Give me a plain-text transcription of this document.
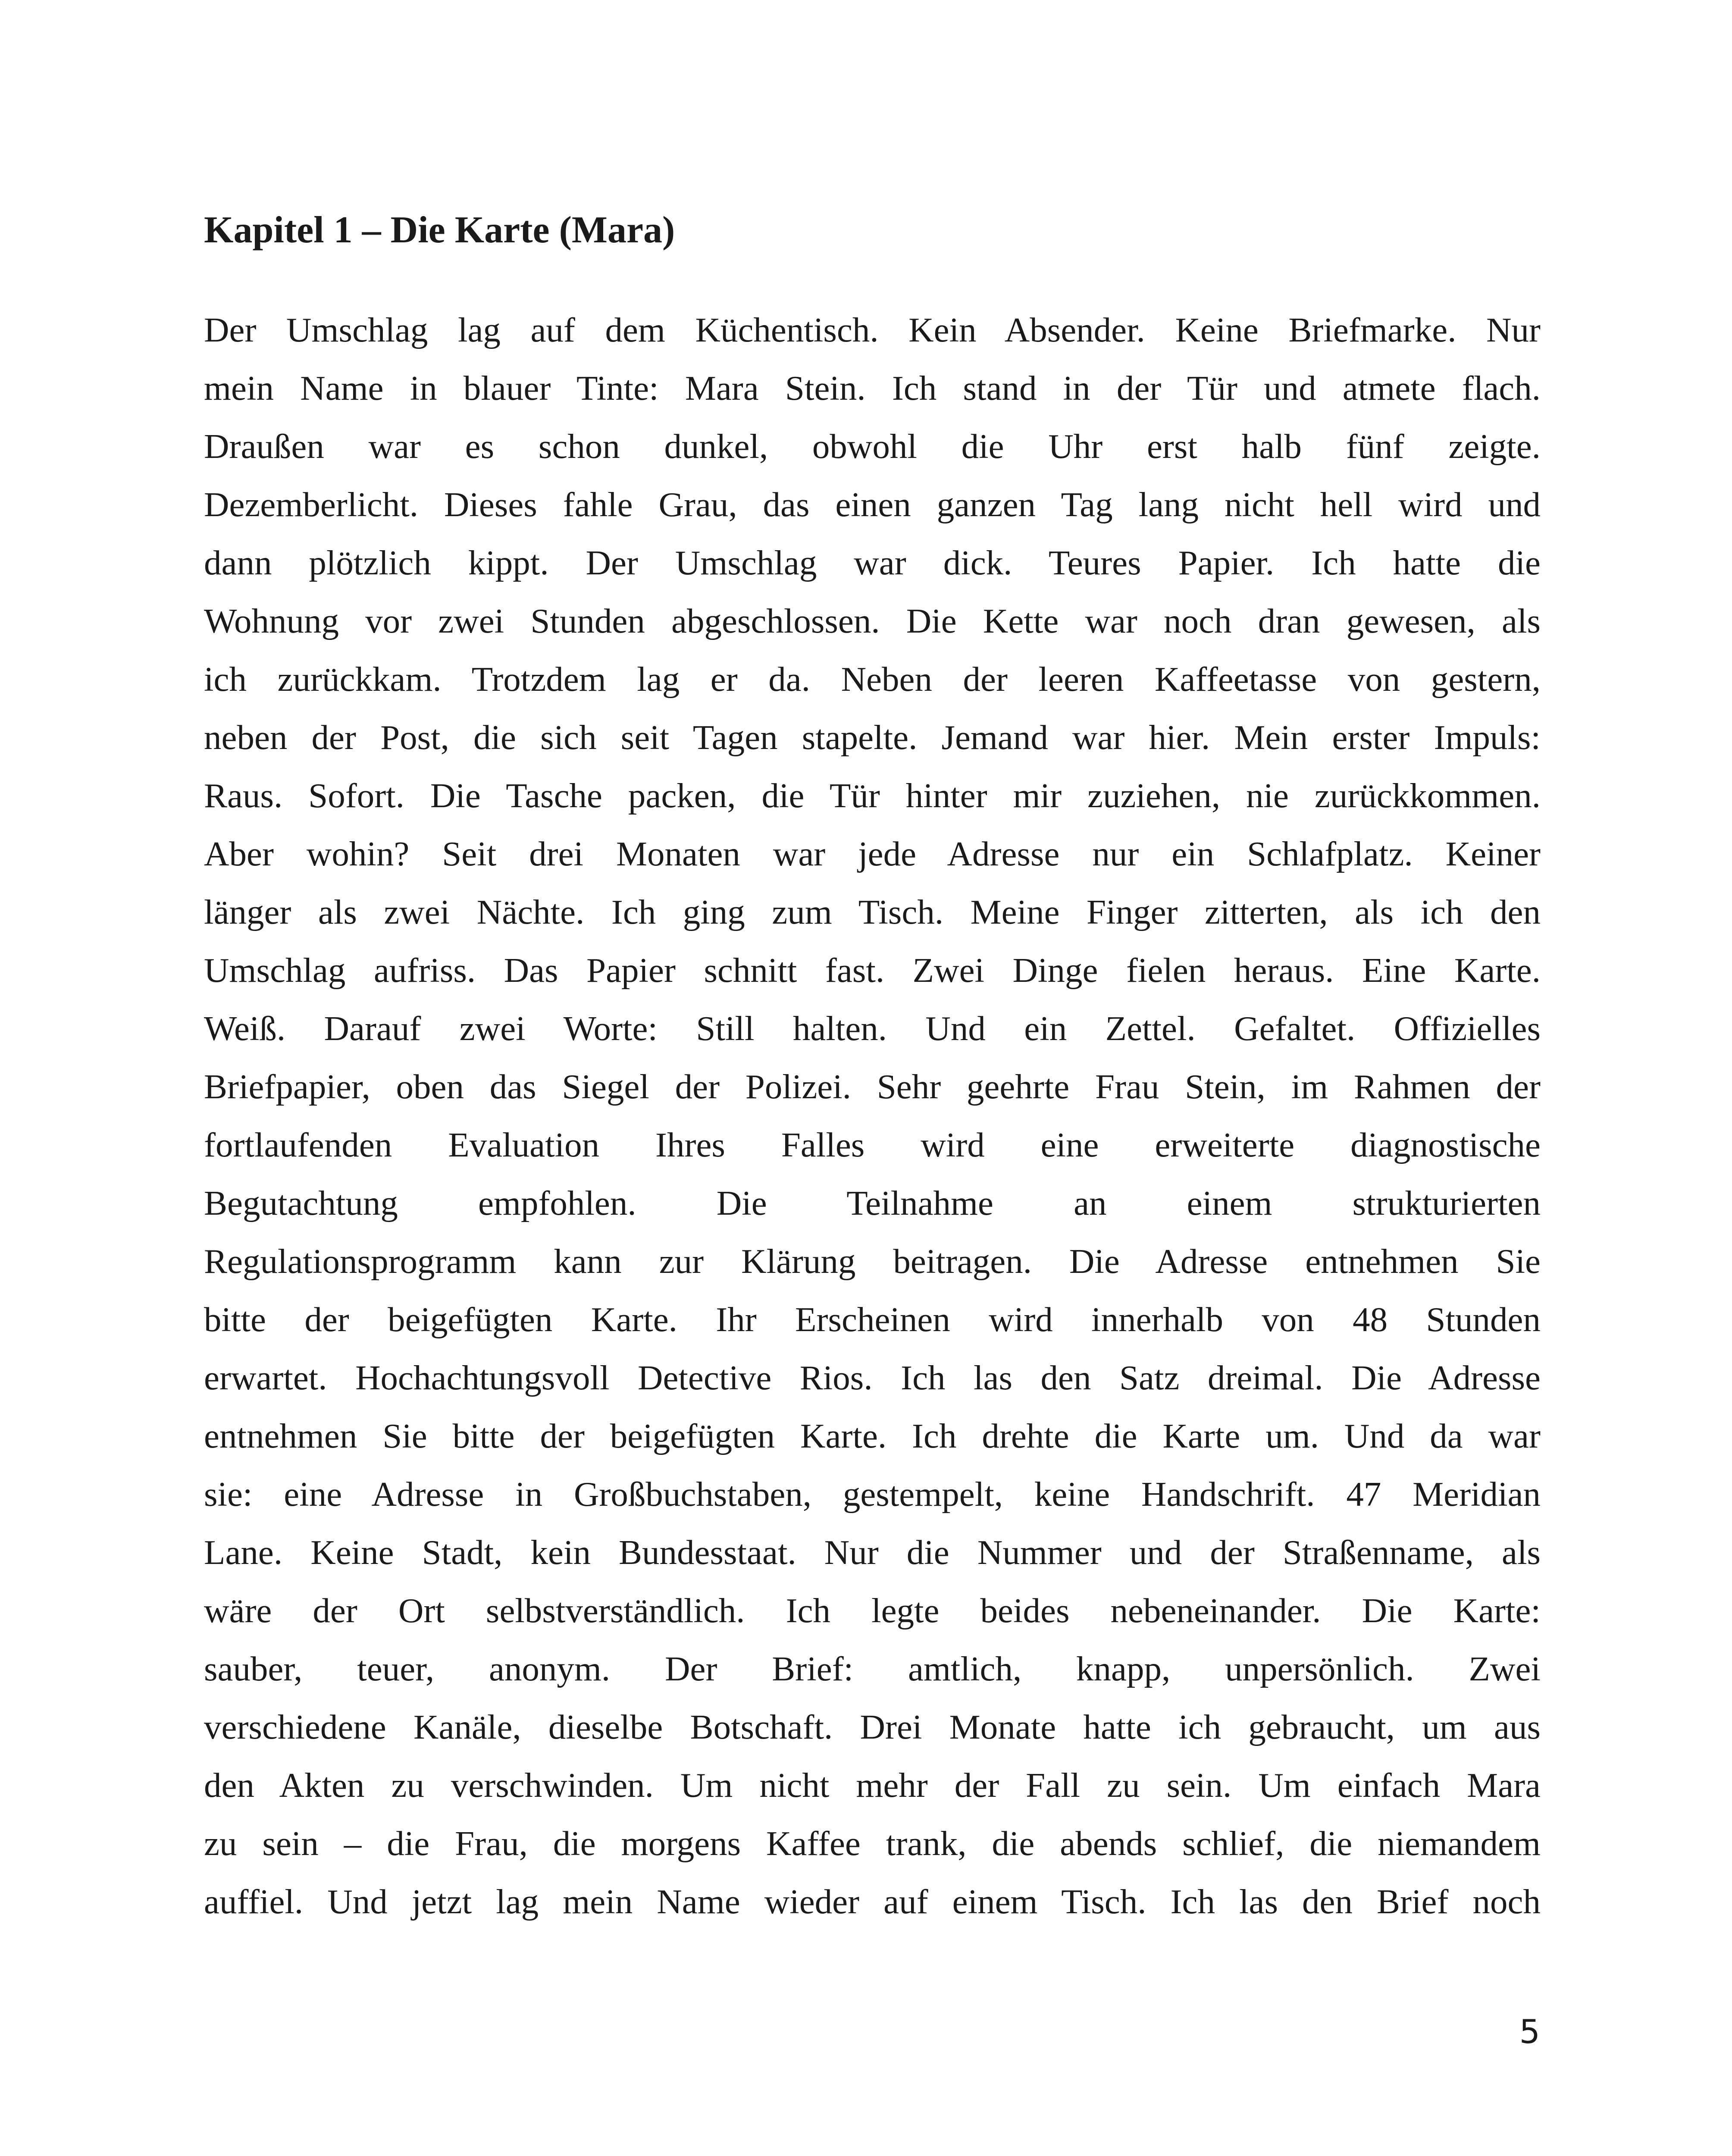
Kapitel 1 – Die Karte (Mara)
Der Umschlag lag auf dem Küchentisch. Kein Absender. Keine Briefmarke. Nur
mein Name in blauer Tinte: Mara Stein. Ich stand in der Tür und atmete flach.
Draußen war es schon dunkel, obwohl die Uhr erst halb fünf zeigte.
Dezemberlicht. Dieses fahle Grau, das einen ganzen Tag lang nicht hell wird und
dann plötzlich kippt. Der Umschlag war dick. Teures Papier. Ich hatte die
Wohnung vor zwei Stunden abgeschlossen. Die Kette war noch dran gewesen, als
ich zurückkam. Trotzdem lag er da. Neben der leeren Kaffeetasse von gestern,
neben der Post, die sich seit Tagen stapelte. Jemand war hier. Mein erster Impuls:
Raus. Sofort. Die Tasche packen, die Tür hinter mir zuziehen, nie zurückkommen.
Aber wohin? Seit drei Monaten war jede Adresse nur ein Schlafplatz. Keiner
länger als zwei Nächte. Ich ging zum Tisch. Meine Finger zitterten, als ich den
Umschlag aufriss. Das Papier schnitt fast. Zwei Dinge fielen heraus. Eine Karte.
Weiß. Darauf zwei Worte: Still halten. Und ein Zettel. Gefaltet. Offizielles
Briefpapier, oben das Siegel der Polizei. Sehr geehrte Frau Stein, im Rahmen der
fortlaufenden Evaluation Ihres Falles wird eine erweiterte diagnostische
Begutachtung empfohlen. Die Teilnahme an einem strukturierten
Regulationsprogramm kann zur Klärung beitragen. Die Adresse entnehmen Sie
bitte der beigefügten Karte. Ihr Erscheinen wird innerhalb von 48 Stunden
erwartet. Hochachtungsvoll Detective Rios. Ich las den Satz dreimal. Die Adresse
entnehmen Sie bitte der beigefügten Karte. Ich drehte die Karte um. Und da war
sie: eine Adresse in Großbuchstaben, gestempelt, keine Handschrift. 47 Meridian
Lane. Keine Stadt, kein Bundesstaat. Nur die Nummer und der Straßenname, als
wäre der Ort selbstverständlich. Ich legte beides nebeneinander. Die Karte:
sauber, teuer, anonym. Der Brief: amtlich, knapp, unpersönlich. Zwei
verschiedene Kanäle, dieselbe Botschaft. Drei Monate hatte ich gebraucht, um aus
den Akten zu verschwinden. Um nicht mehr der Fall zu sein. Um einfach Mara
zu sein – die Frau, die morgens Kaffee trank, die abends schlief, die niemandem
auffiel. Und jetzt lag mein Name wieder auf einem Tisch. Ich las den Brief noch
5
